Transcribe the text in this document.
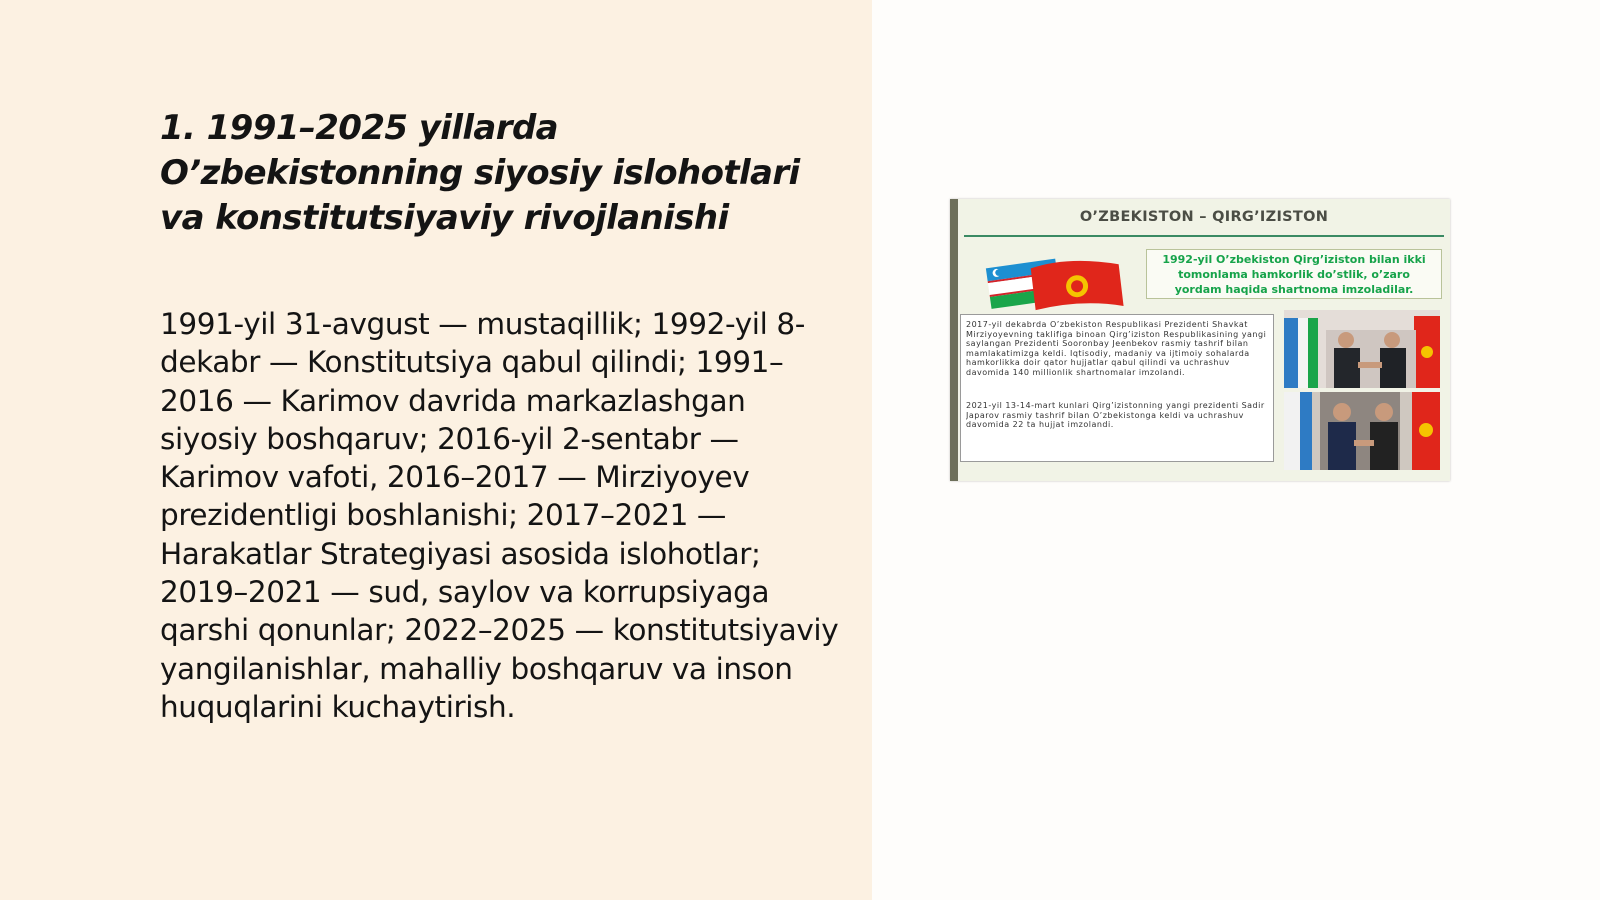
1. 1991–2025 yillarda O’zbekistonning siyosiy islohotlari va konstitutsiyaviy rivojlanishi

1991-yil 31-avgust — mustaqillik; 1992-yil 8-dekabr — Konstitutsiya qabul qilindi; 1991–2016 — Karimov davrida markazlashgan siyosiy boshqaruv; 2016-yil 2-sentabr — Karimov vafoti, 2016–2017 — Mirziyoyev prezidentligi boshlanishi; 2017–2021 — Harakatlar Strategiyasi asosida islohotlar; 2019–2021 — sud, saylov va korrupsiyaga qarshi qonunlar; 2022–2025 — konstitutsiyaviy yangilanishlar, mahalliy boshqaruv va inson huquqlarini kuchaytirish.

O’ZBEKISTON – QIRG’IZISTON
1992-yil O’zbekiston Qirg’iziston bilan ikki tomonlama hamkorlik do’stlik, o’zaro yordam haqida shartnoma imzoladilar.
2017-yil dekabrda O’zbekiston Respublikasi Prezidenti Shavkat Mirziyoyevning taklifiga binoan Qirg’iziston Respublikasining yangi saylangan Prezidenti Sooronbay Jeenbekov rasmiy tashrif bilan mamlakatimizga keldi. Iqtisodiy, madaniy va ijtimoiy sohalarda hamkorlikka doir qator hujjatlar qabul qilindi va uchrashuv davomida 140 millionlik shartnomalar imzolandi.
2021-yil 13-14-mart kunlari Qirg’izistonning yangi prezidenti Sadir Japarov rasmiy tashrif bilan O’zbekistonga keldi va uchrashuv davomida 22 ta hujjat imzolandi.
